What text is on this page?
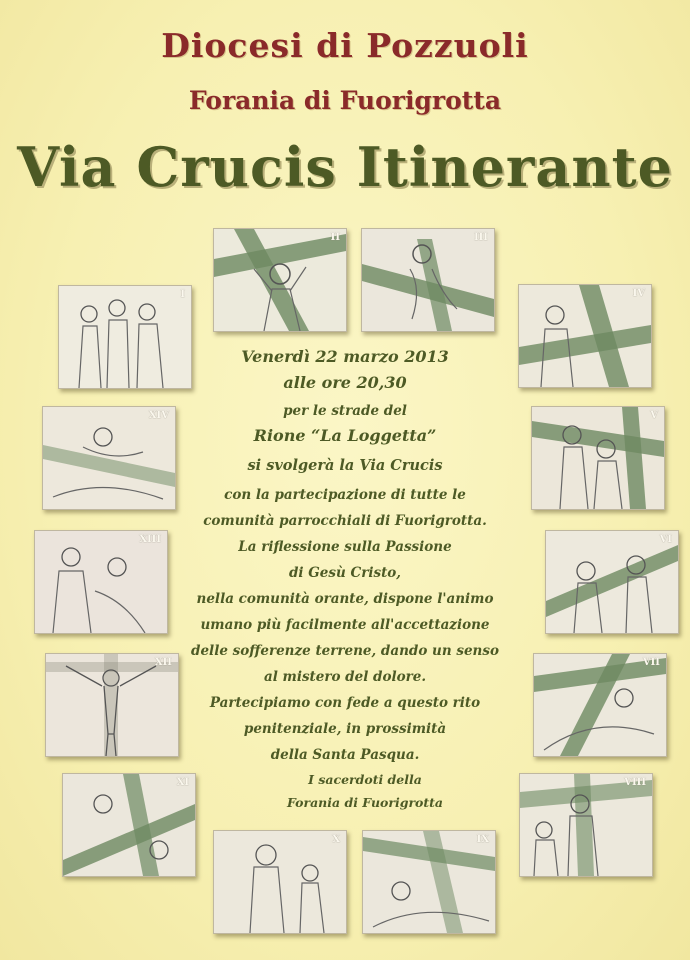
Diocesi di Pozzuoli
Forania di Fuorigrotta
Via Crucis Itinerante
II	III
I	IV
XIV	V
XIII	VI
XII	VII
XI	VIII
X	IX
Venerdì 22 marzo 2013
alle ore 20,30
per le strade del
Rione “La Loggetta”
si svolgerà la Via Crucis
con la partecipazione di tutte le
comunità parrocchiali di Fuorigrotta.
La riflessione sulla Passione
di Gesù Cristo,
nella comunità orante, dispone l'animo
umano più facilmente all'accettazione
delle sofferenze terrene, dando un senso
al mistero del dolore.
Partecipiamo con fede a questo rito
penitenziale, in prossimità
della Santa Pasqua.
I sacerdoti della
Forania di Fuorigrotta
